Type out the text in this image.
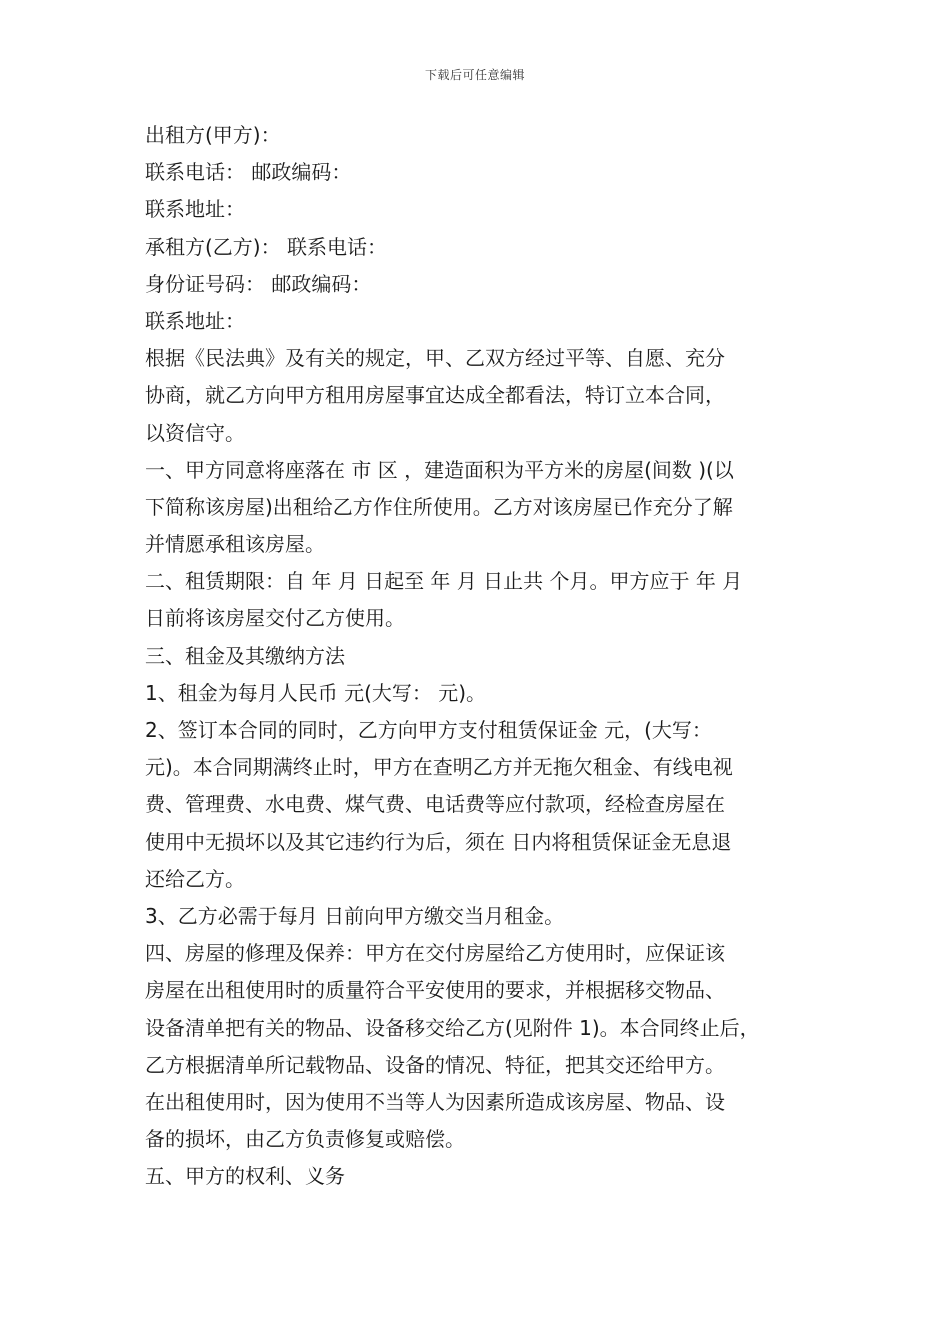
下载后可任意编辑
出租方(甲方)：
联系电话： 邮政编码：
联系地址：
承租方(乙方)： 联系电话：
身份证号码： 邮政编码：
联系地址：
根据《民法典》及有关的规定，甲、乙双方经过平等、自愿、充分
协商，就乙方向甲方租用房屋事宜达成全都看法，特订立本合同，
以资信守。
一、甲方同意将座落在 市 区 ，建造面积为平方米的房屋(间数 )(以
下简称该房屋)出租给乙方作住所使用。乙方对该房屋已作充分了解
并情愿承租该房屋。
二、租赁期限：自 年 月 日起至 年 月 日止共 个月。甲方应于 年 月
日前将该房屋交付乙方使用。
三、租金及其缴纳方法
1、租金为每月人民币 元(大写： 元)。
2、签订本合同的同时，乙方向甲方支付租赁保证金 元，(大写：
元)。本合同期满终止时，甲方在查明乙方并无拖欠租金、有线电视
费、管理费、水电费、煤气费、电话费等应付款项，经检查房屋在
使用中无损坏以及其它违约行为后，须在 日内将租赁保证金无息退
还给乙方。
3、乙方必需于每月 日前向甲方缴交当月租金。
四、房屋的修理及保养：甲方在交付房屋给乙方使用时，应保证该
房屋在出租使用时的质量符合平安使用的要求，并根据移交物品、
设备清单把有关的物品、设备移交给乙方(见附件 1)。本合同终止后，
乙方根据清单所记载物品、设备的情况、特征，把其交还给甲方。
在出租使用时，因为使用不当等人为因素所造成该房屋、物品、设
备的损坏，由乙方负责修复或赔偿。
五、甲方的权利、义务
